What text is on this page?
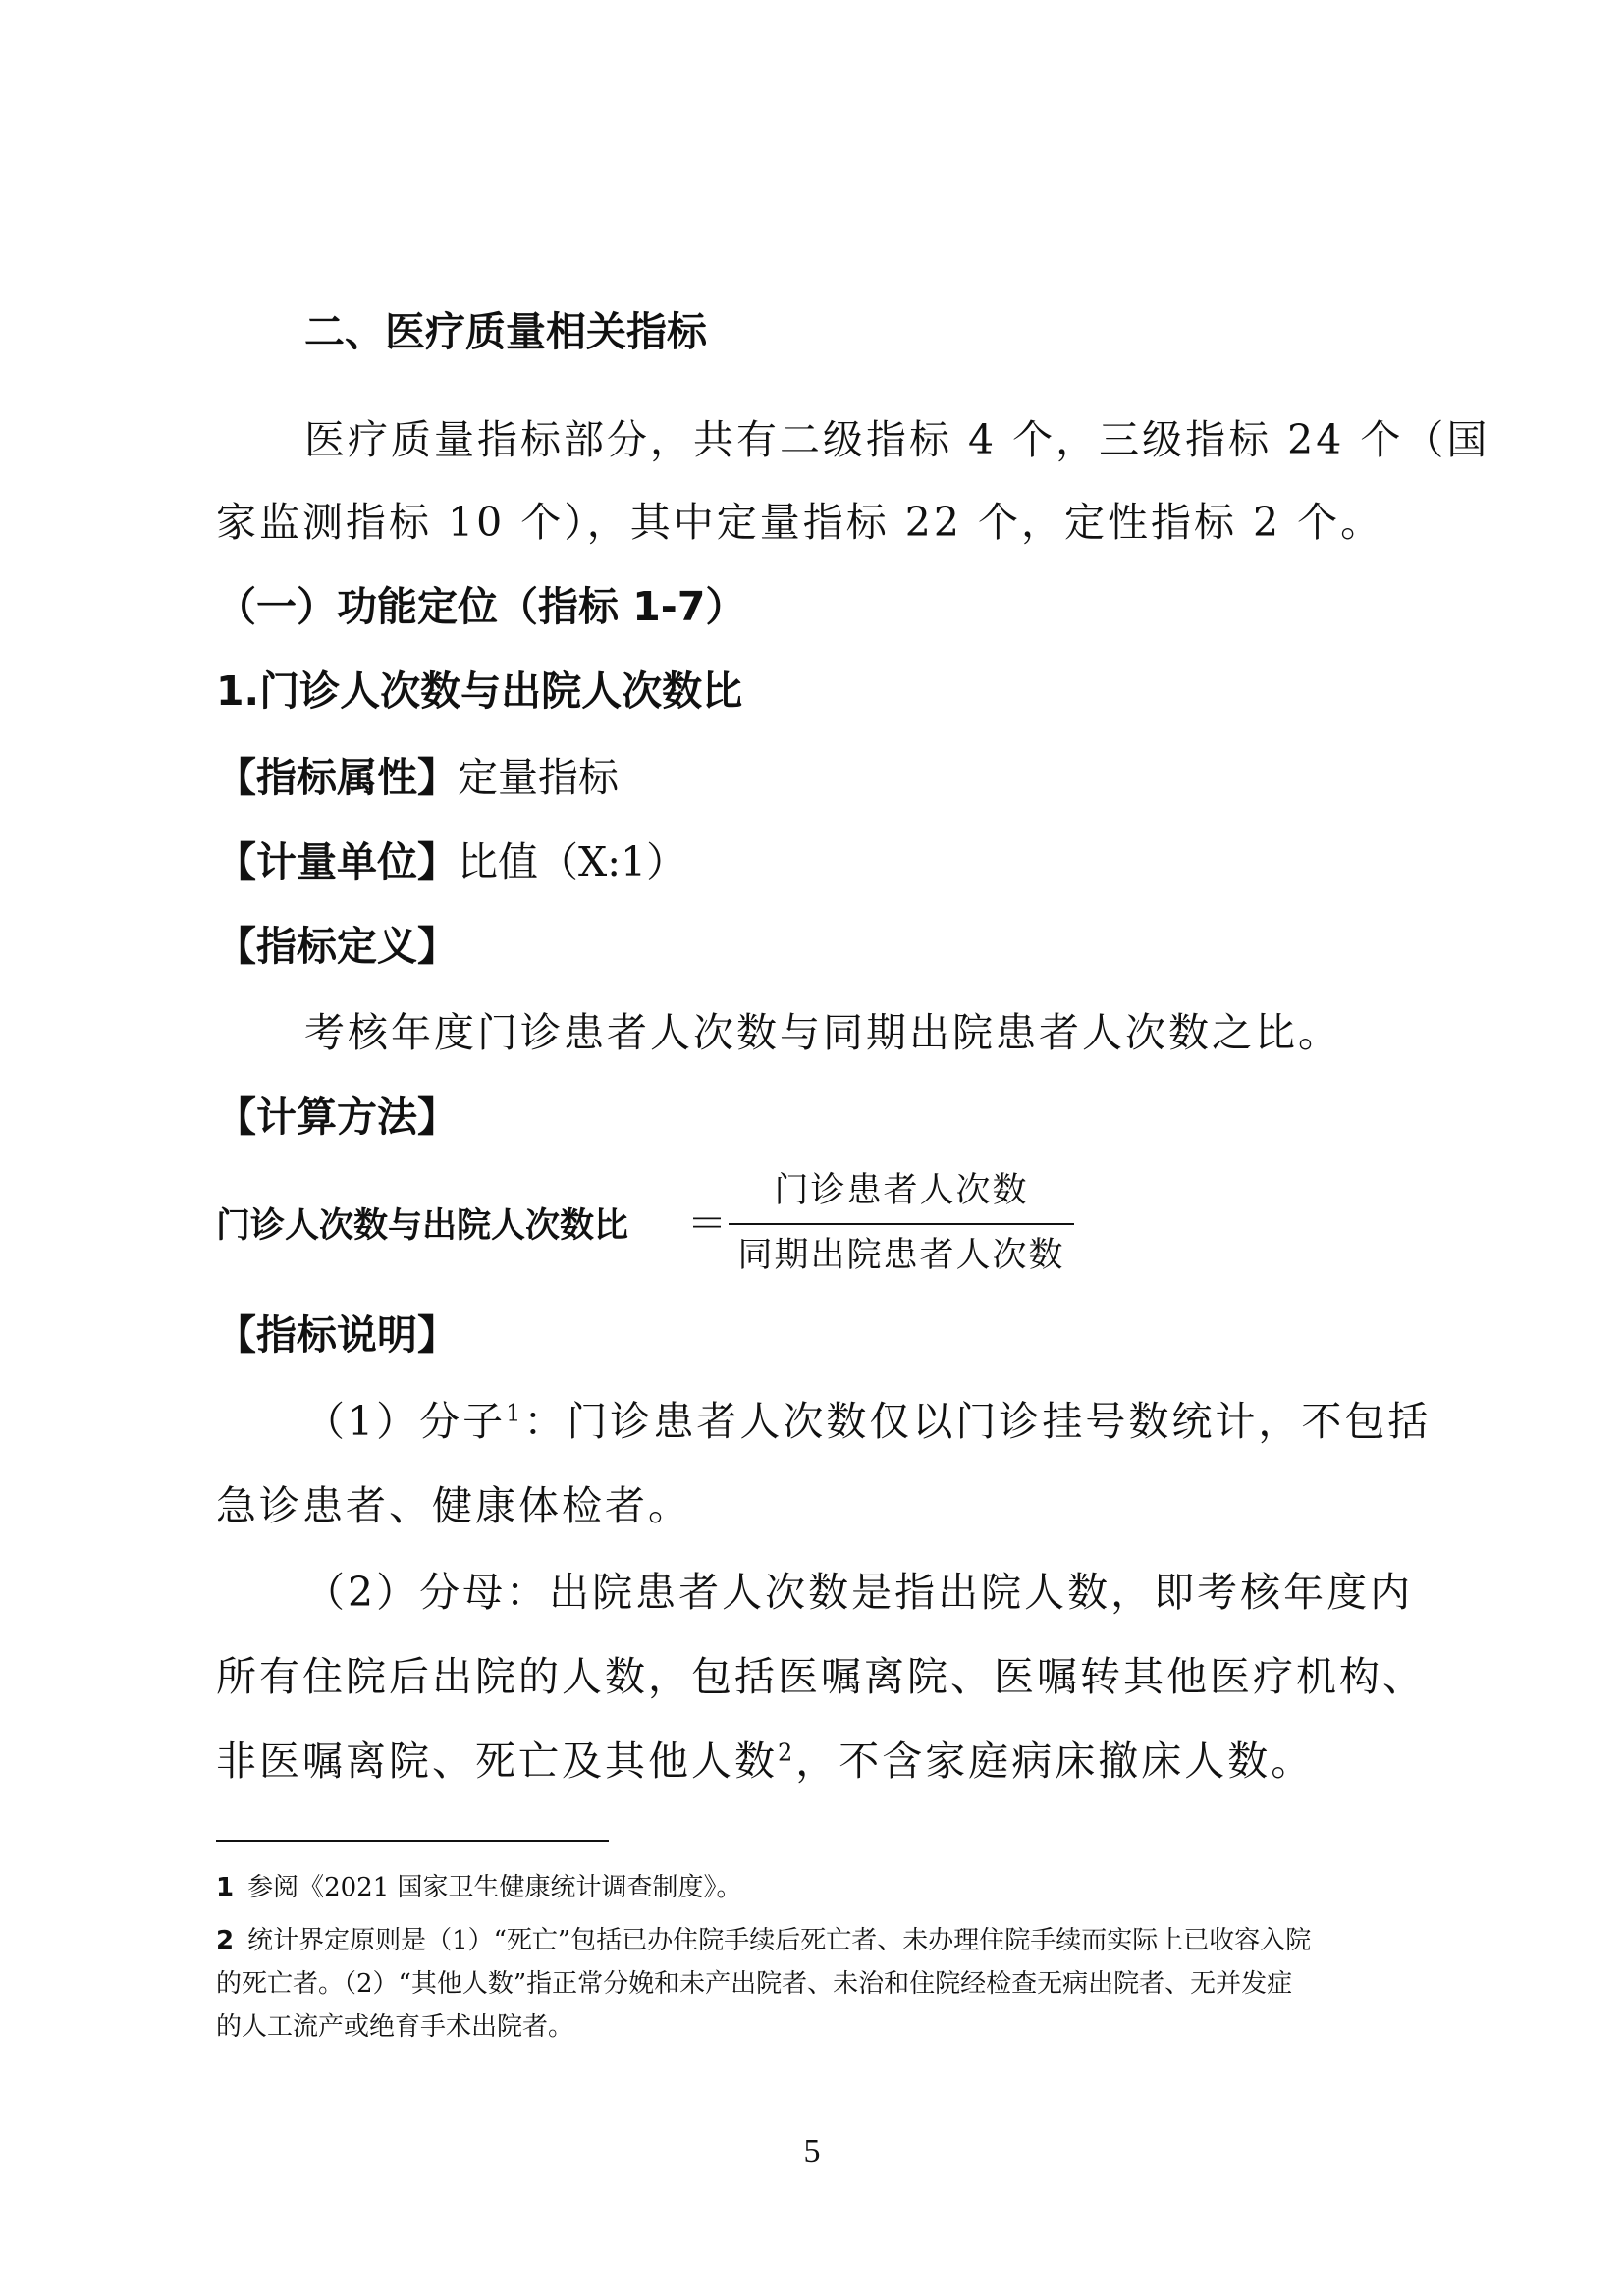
二、医疗质量相关指标
医疗质量指标部分，共有二级指标 4 个，三级指标 24 个（国
家监测指标 10 个），其中定量指标 22 个，定性指标 2 个。
（一）功能定位（指标 1-7）
1.门诊人次数与出院人次数比
【指标属性】定量指标
【计量单位】比值（X:1）
【指标定义】
考核年度门诊患者人次数与同期出院患者人次数之比。
【计算方法】
门诊人次数与出院人次数比 ＝
门诊患者人次数
同期出院患者人次数
【指标说明】
（1）分子$^1$：门诊患者人次数仅以门诊挂号数统计，不包括
急诊患者、健康体检者。
（2）分母：出院患者人次数是指出院人数，即考核年度内
所有住院后出院的人数，包括医嘱离院、医嘱转其他医疗机构、
非医嘱离院、死亡及其他人数$^2$，不含家庭病床撤床人数。
1 参阅《2021 国家卫生健康统计调查制度》。
2 统计界定原则是（1）“死亡”包括已办住院手续后死亡者、未办理住院手续而实际上已收容入院
的死亡者。（2）“其他人数”指正常分娩和未产出院者、未治和住院经检查无病出院者、无并发症
的人工流产或绝育手术出院者。
5
